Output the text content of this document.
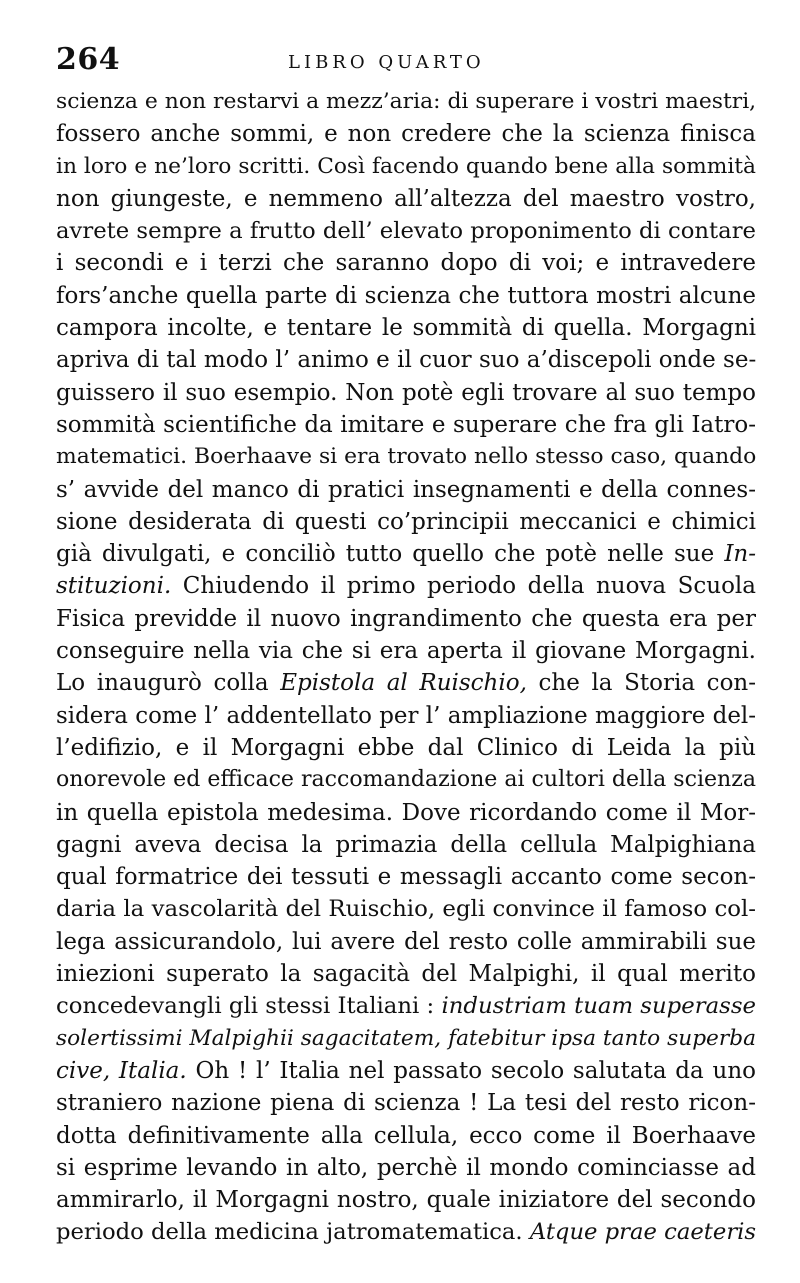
264	LIBRO QUARTO
scienza e non restarvi a mezz’aria: di superare i vostri maestri,
fossero anche sommi, e non credere che la scienza finisca
in loro e ne’loro scritti. Così facendo quando bene alla sommità
non giungeste, e nemmeno all’altezza del maestro vostro,
avrete sempre a frutto dell’ elevato proponimento di contare
i secondi e i terzi che saranno dopo di voi; e intravedere
fors’anche quella parte di scienza che tuttora mostri alcune
campora incolte, e tentare le sommità di quella. Morgagni
apriva di tal modo l’ animo e il cuor suo a’discepoli onde se-
guissero il suo esempio. Non potè egli trovare al suo tempo
sommità scientifiche da imitare e superare che fra gli Iatro-
matematici. Boerhaave si era trovato nello stesso caso, quando
s’ avvide del manco di pratici insegnamenti e della connes-
sione desiderata di questi co’principii meccanici e chimici
già divulgati, e conciliò tutto quello che potè nelle sue In-
stituzioni. Chiudendo il primo periodo della nuova Scuola
Fisica previdde il nuovo ingrandimento che questa era per
conseguire nella via che si era aperta il giovane Morgagni.
Lo inaugurò colla Epistola al Ruischio, che la Storia con-
sidera come l’ addentellato per l’ ampliazione maggiore del-
l’edifizio, e il Morgagni ebbe dal Clinico di Leida la più
onorevole ed efficace raccomandazione ai cultori della scienza
in quella epistola medesima. Dove ricordando come il Mor-
gagni aveva decisa la primazia della cellula Malpighiana
qual formatrice dei tessuti e messagli accanto come secon-
daria la vascolarità del Ruischio, egli convince il famoso col-
lega assicurandolo, lui avere del resto colle ammirabili sue
iniezioni superato la sagacità del Malpighi, il qual merito
concedevangli gli stessi Italiani : industriam tuam superasse
solertissimi Malpighii sagacitatem, fatebitur ipsa tanto superba
cive, Italia. Oh ! l’ Italia nel passato secolo salutata da uno
straniero nazione piena di scienza ! La tesi del resto ricon-
dotta definitivamente alla cellula, ecco come il Boerhaave
si esprime levando in alto, perchè il mondo cominciasse ad
ammirarlo, il Morgagni nostro, quale iniziatore del secondo
periodo della medicina jatromatematica. Atque prae caeteris
